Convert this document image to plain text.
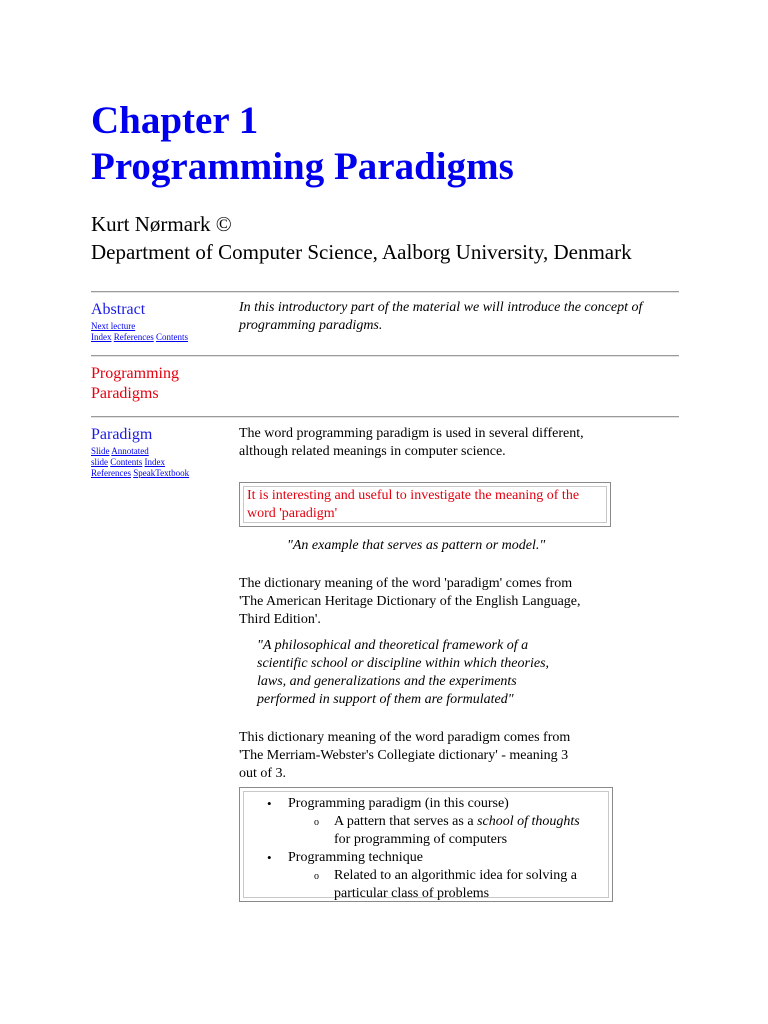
Chapter 1
Programming Paradigms
Kurt Nørmark ©
Department of Computer Science, Aalborg University, Denmark
Abstract
Next lecture
Index References Contents
In this introductory part of the material we will introduce the concept of programming paradigms.
Programming
Paradigms
Paradigm
Slide Annotated
slide Contents Index
References SpeakTextbook
The word programming paradigm is used in several different,
although related meanings in computer science.
It is interesting and useful to investigate the meaning of the
word 'paradigm'
"An example that serves as pattern or model."
The dictionary meaning of the word 'paradigm' comes from
'The American Heritage Dictionary of the English Language,
Third Edition'.
"A philosophical and theoretical framework of a
scientific school or discipline within which theories,
laws, and generalizations and the experiments
performed in support of them are formulated"
This dictionary meaning of the word paradigm comes from
'The Merriam-Webster's Collegiate dictionary' - meaning 3
out of 3.
• Programming paradigm (in this course)
o A pattern that serves as a school of thoughts
for programming of computers
• Programming technique
o Related to an algorithmic idea for solving a
particular class of problems
